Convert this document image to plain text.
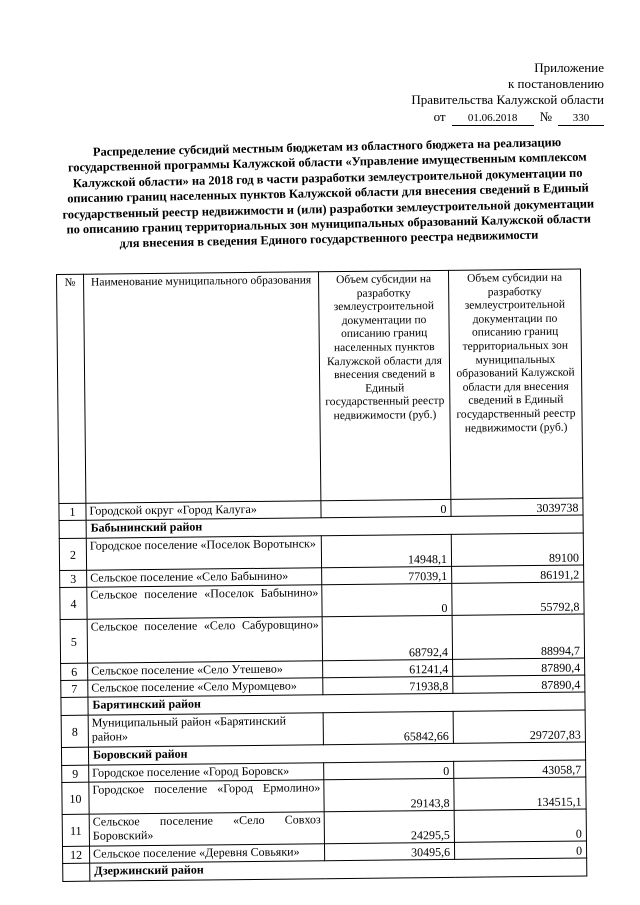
Приложение
к постановлению
Правительства Калужской области
от	01.06.2018	№	330
Распределение субсидий местным бюджетам из областного бюджета на реализацию государственной программы Калужской области «Управление имущественным комплексом Калужской области» на 2018 год в части разработки землеустроительной документации по описанию границ населенных пунктов Калужской области для внесения сведений в Единый государственный реестр недвижимости и (или) разработки землеустроительной документации по описанию границ территориальных зон муниципальных образований Калужской области для внесения в сведения Единого государственного реестра недвижимости
№	Наименование муниципального образования	Объем субсидии на разработку землеустроительной документации по описанию границ населенных пунктов Калужской области для внесения сведений в Единый государственный реестр недвижимости (руб.)	Объем субсидии на разработку землеустроительной документации по описанию границ территориальных зон муниципальных образований Калужской области для внесения сведений в Единый государственный реестр недвижимости (руб.)
1	Городской округ «Город Калуга»	0	3039738
	Бабынинский район		
2	Городское поселение «Поселок Воротынск»	14948,1	89100
3	Сельское поселение «Село Бабынино»	77039,1	86191,2
4	Сельское поселение «Поселок Бабынино»	0	55792,8
5	Сельское поселение «Село Сабуровщино»	68792,4	88994,7
6	Сельское поселение «Село Утешево»	61241,4	87890,4
7	Сельское поселение «Село Муромцево»	71938,8	87890,4
	Барятинский район		
8	Муниципальный район «Барятинский район»	65842,66	297207,83
	Боровский район		
9	Городское поселение «Город Боровск»	0	43058,7
10	Городское поселение «Город Ермолино»	29143,8	134515,1
11	Сельское поселение «Село Совхоз Боровский»	24295,5	0
12	Сельское поселение «Деревня Совьяки»	30495,6	0
	Дзержинский район		
